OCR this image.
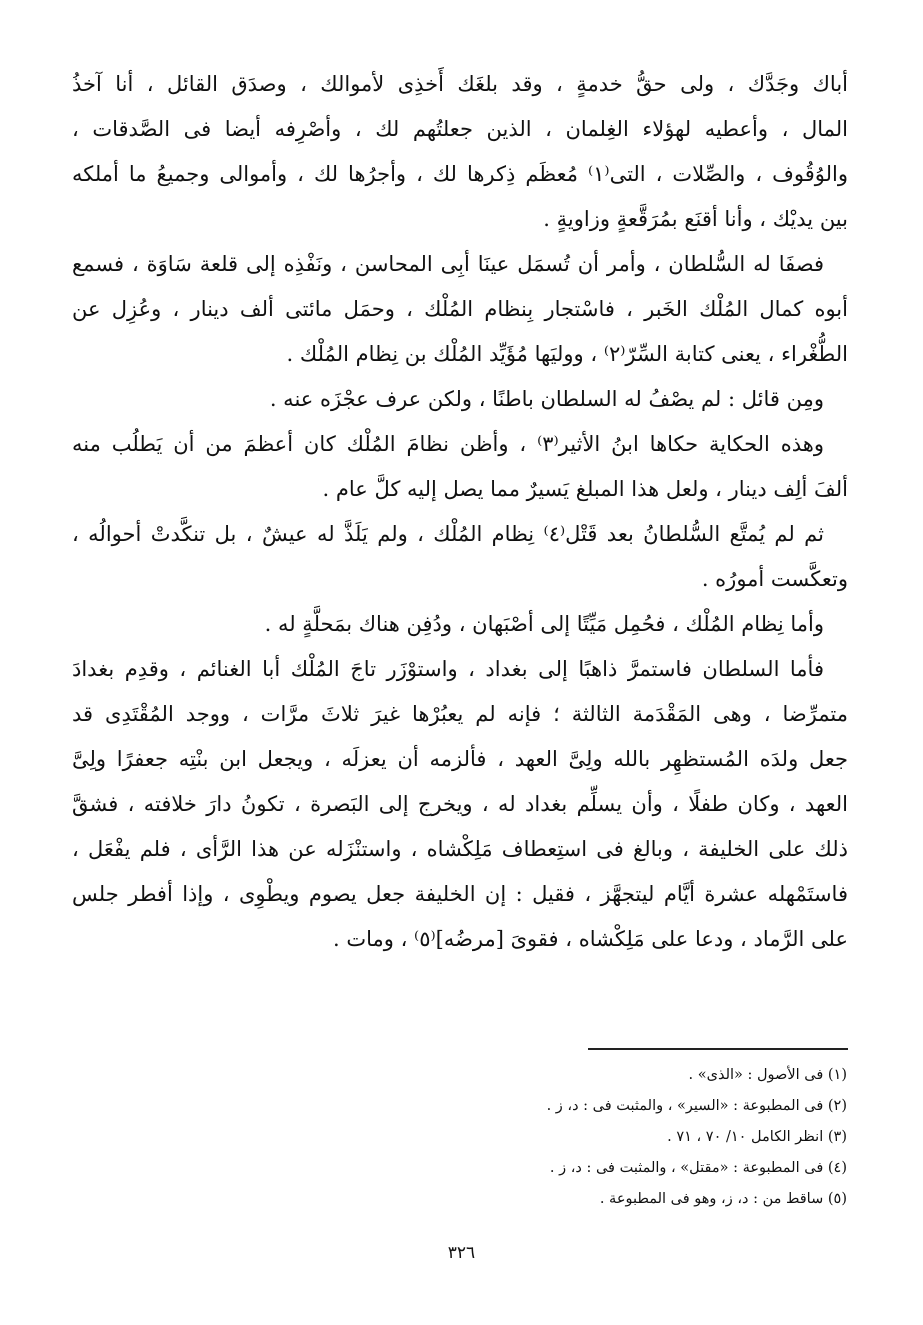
أباك وجَدَّك ، ولى حقُّ خدمةٍ ، وقد بلغَك أَخذِى لأموالك ، وصدَق القائل ، أنا آخذُ
المال ، وأعطيه لهؤلاء الغِلمان ، الذين جعلتُهم لك ، وأصْرِفه أيضا فى الصَّدقات ،
والوُقُوف ، والصِّلات ، التى⁽١⁾ مُعظَم ذِكرها لك ، وأجرُها لك ، وأموالى وجميعُ ما أملكه
بين يديْك ، وأنا أقنَع بمُرَقَّعةٍ وزاويةٍ .
فصفَا له السُّلطان ، وأمر أن تُسمَل عينَا أبِى المحاسن ، ونَفْذِه إلى قلعة سَاوَة ، فسمع
أبوه كمال المُلْك الخَبر ، فاسْتجار بِنظام المُلْك ، وحمَل مائتى ألف دينار ، وعُزِل عن
الطُّغْراء ، يعنى كتابة السِّرّ⁽٢⁾ ، ووليَها مُؤَيِّد المُلْك بن نِظام المُلْك .
ومِن قائل : لم يصْفُ له السلطان باطنًا ، ولكن عرف عجْزَه عنه .
وهذه الحكاية حكاها ابنُ الأثير⁽٣⁾ ، وأظن نظامَ المُلْك كان أعظمَ من أن يَطلُب منه
ألفَ ألِف دينار ، ولعل هذا المبلغ يَسيرٌ مما يصل إليه كلَّ عام .
ثم لم يُمتَّع السُّلطانُ بعد قَتْل⁽٤⁾ نِظام المُلْك ، ولم يَلَذَّ له عيشٌ ، بل تنكَّدتْ أحوالُه ،
وتعكَّست أمورُه .
وأما نِظام المُلْك ، فحُمِل مَيِّتًا إلى أصْبَهان ، ودُفِن هناك بمَحلَّةٍ له .
فأما السلطان فاستمرَّ ذاهبًا إلى بغداد ، واستوْزَر تاجَ المُلْك أبا الغنائم ، وقدِم بغدادَ
متمرِّضا ، وهى المَقْدَمة الثالثة ؛ فإنه لم يعبُرْها غيرَ ثلاثَ مرَّات ، ووجد المُقْتَدِى قد
جعل ولدَه المُستظهِر بالله ولِىَّ العهد ، فألزمه أن يعزلَه ، ويجعل ابن بنْتِه جعفرًا ولِىَّ
العهد ، وكان طفلًا ، وأن يسلِّم بغداد له ، ويخرج إلى البَصرة ، تكونُ دارَ خلافته ، فشقَّ
ذلك على الخليفة ، وبالغ فى استِعطاف مَلِكْشاه ، واستنْزَله عن هذا الرَّأى ، فلم يفْعَل ،
فاستَمْهله عشرة أيَّام ليتجهَّز ، فقيل : إن الخليفة جعل يصوم ويطْوِى ، وإذا أفطر جلس
على الرَّماد ، ودعا على مَلِكْشاه ، فقوىَ [مرضُه]⁽٥⁾ ، ومات .
(١) فى الأصول : «الذى» .
(٢) فى المطبوعة : «السير» ، والمثبت فى : د، ز .
(٣) انظر الكامل ١٠/ ٧٠ ، ٧١ .
(٤) فى المطبوعة : «مقتل» ، والمثبت فى : د، ز .
(٥) ساقط من : د، ز، وهو فى المطبوعة .
٣٢٦
